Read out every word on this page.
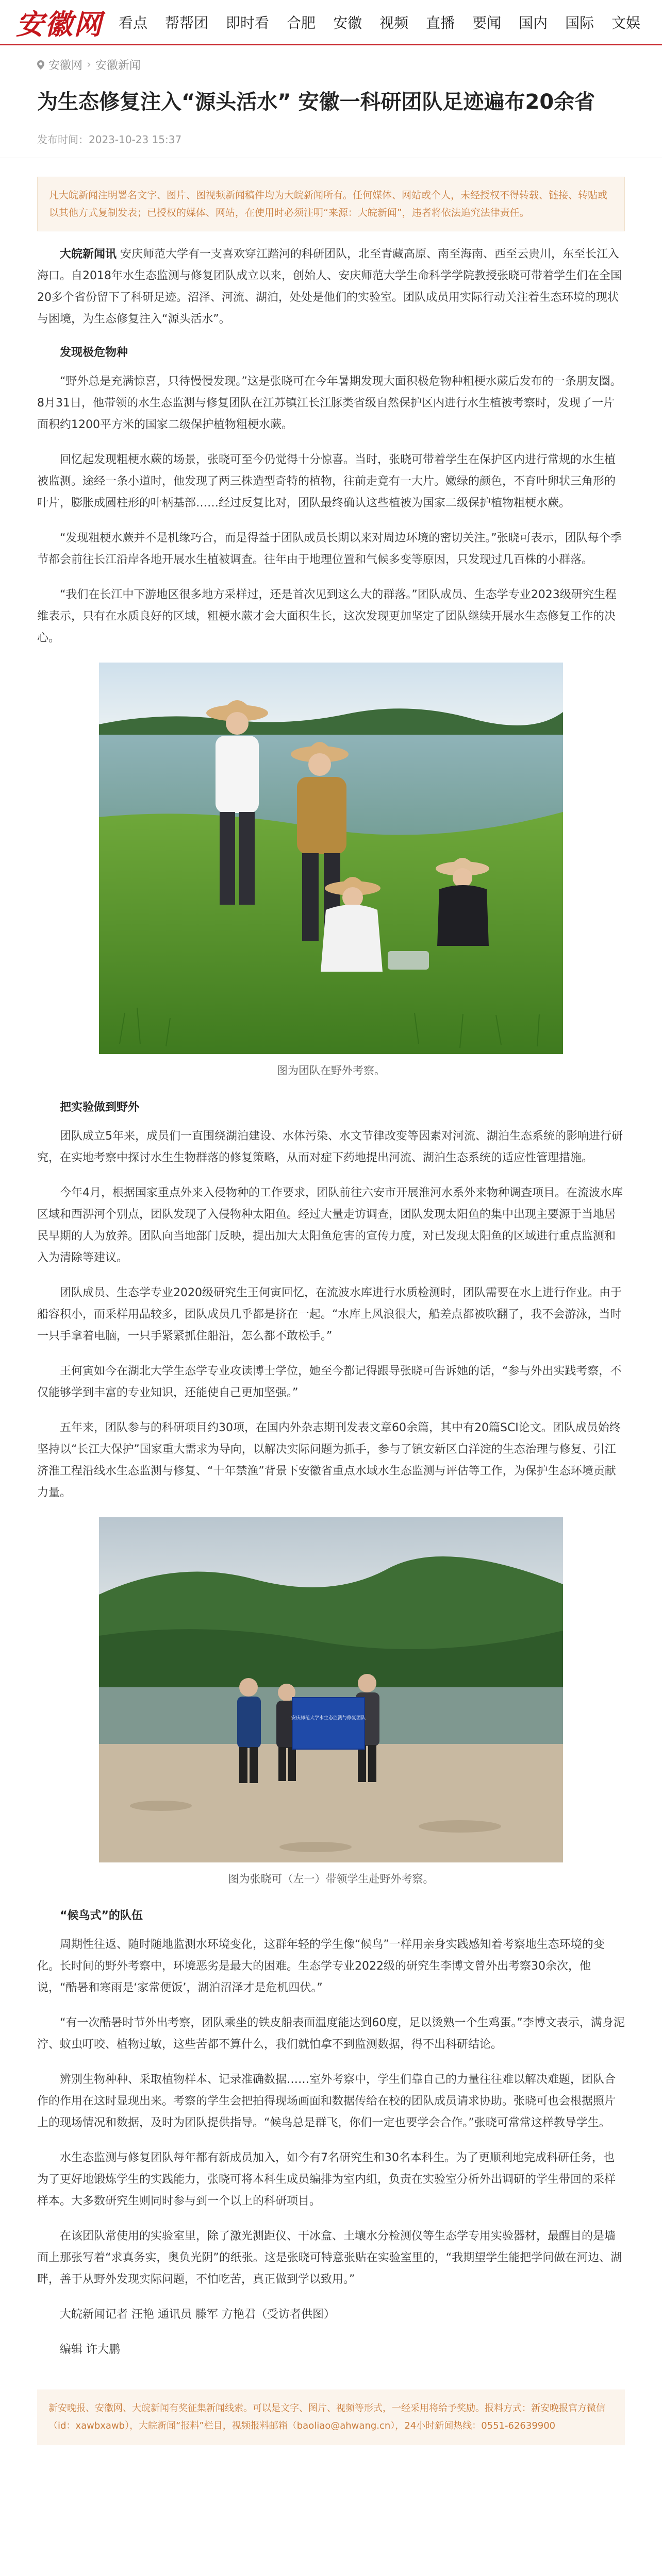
安徽网 看点 帮帮团 即时看 合肥 安徽 视频 直播 要闻 国内 国际 文娱
安徽网 › 安徽新闻
为生态修复注入“源头活水” 安徽一科研团队足迹遍布20余省
发布时间：2023-10-23 15:37
凡大皖新闻注明署名文字、图片、图视频新闻稿件均为大皖新闻所有。任何媒体、网站或个人，未经授权不得转载、链接、转贴或以其他方式复制发表；已授权的媒体、网站，在使用时必须注明“来源：大皖新闻”，违者将依法追究法律责任。

大皖新闻讯 安庆师范大学有一支喜欢穿江踏河的科研团队，北至青藏高原、南至海南、西至云贵川，东至长江入海口。自2018年水生态监测与修复团队成立以来，创始人、安庆师范大学生命科学学院教授张晓可带着学生们在全国20多个省份留下了科研足迹。沼泽、河流、湖泊，处处是他们的实验室。团队成员用实际行动关注着生态环境的现状与困境，为生态修复注入“源头活水”。

发现极危物种

“野外总是充满惊喜，只待慢慢发现。”这是张晓可在今年暑期发现大面积极危物种粗梗水蕨后发布的一条朋友圈。8月31日，他带领的水生态监测与修复团队在江苏镇江长江豚类省级自然保护区内进行水生植被考察时，发现了一片面积约1200平方米的国家二级保护植物粗梗水蕨。

回忆起发现粗梗水蕨的场景，张晓可至今仍觉得十分惊喜。当时，张晓可带着学生在保护区内进行常规的水生植被监测。途经一条小道时，他发现了两三株造型奇特的植物，往前走竟有一大片。嫩绿的颜色，不育叶卵状三角形的叶片，膨胀成圆柱形的叶柄基部……经过反复比对，团队最终确认这些植被为国家二级保护植物粗梗水蕨。

“发现粗梗水蕨并不是机缘巧合，而是得益于团队成员长期以来对周边环境的密切关注。”张晓可表示，团队每个季节都会前往长江沿岸各地开展水生植被调查。往年由于地理位置和气候多变等原因，只发现过几百株的小群落。

“我们在长江中下游地区很多地方采样过，还是首次见到这么大的群落。”团队成员、生态学专业2023级研究生程维表示，只有在水质良好的区域，粗梗水蕨才会大面积生长，这次发现更加坚定了团队继续开展水生态修复工作的决心。

图为团队在野外考察。
把实验做到野外

团队成立5年来，成员们一直围绕湖泊建设、水体污染、水文节律改变等因素对河流、湖泊生态系统的影响进行研究，在实地考察中探讨水生生物群落的修复策略，从而对症下药地提出河流、湖泊生态系统的适应性管理措施。

今年4月，根据国家重点外来入侵物种的工作要求，团队前往六安市开展淮河水系外来物种调查项目。在流波水库区域和西淠河个别点，团队发现了入侵物种太阳鱼。经过大量走访调查，团队发现太阳鱼的集中出现主要源于当地居民早期的人为放养。团队向当地部门反映，提出加大太阳鱼危害的宣传力度，对已发现太阳鱼的区域进行重点监测和入为清除等建议。

团队成员、生态学专业2020级研究生王何寅回忆，在流波水库进行水质检测时，团队需要在水上进行作业。由于船容积小，而采样用品较多，团队成员几乎都是挤在一起。“水库上风浪很大，船差点都被吹翻了，我不会游泳，当时一只手拿着电脑，一只手紧紧抓住船沿，怎么都不敢松手。”

王何寅如今在湖北大学生态学专业攻读博士学位，她至今都记得跟导张晓可告诉她的话，“参与外出实践考察，不仅能够学到丰富的专业知识，还能使自己更加坚强。”

五年来，团队参与的科研项目约30项，在国内外杂志期刊发表文章60余篇，其中有20篇SCI论文。团队成员始终坚持以“长江大保护”国家重大需求为导向，以解决实际问题为抓手，参与了镇安新区白洋淀的生态治理与修复、引江济淮工程沿线水生态监测与修复、“十年禁渔”背景下安徽省重点水域水生态监测与评估等工作，为保护生态环境贡献力量。

安庆师范大学水生态监测与修复团队
图为张晓可（左一）带领学生赴野外考察。
“候鸟式”的队伍

周期性往返、随时随地监测水环境变化，这群年轻的学生像“候鸟”一样用亲身实践感知着考察地生态环境的变化。长时间的野外考察中，环境恶劣是最大的困难。生态学专业2022级的研究生李博文曾外出考察30余次，他说，“酷暑和寒雨是‘家常便饭’，湖泊沼泽才是危机四伏。”

“有一次酷暑时节外出考察，团队乘坐的铁皮船表面温度能达到60度，足以烫熟一个生鸡蛋。”李博文表示，满身泥泞、蚊虫叮咬、植物过敏，这些苦都不算什么，我们就怕拿不到监测数据，得不出科研结论。

辨别生物种种、采取植物样本、记录准确数据……室外考察中，学生们靠自己的力量往往难以解决难题，团队合作的作用在这时显现出来。考察的学生会把拍得现场画面和数据传给在校的团队成员请求协助。张晓可也会根据照片上的现场情况和数据，及时为团队提供指导。“候鸟总是群飞，你们一定也要学会合作。”张晓可常常这样教导学生。

水生态监测与修复团队每年都有新成员加入，如今有7名研究生和30名本科生。为了更顺利地完成科研任务，也为了更好地锻炼学生的实践能力，张晓可将本科生成员编排为室内组，负责在实验室分析外出调研的学生带回的采样样本。大多数研究生则同时参与到一个以上的科研项目。

在该团队常使用的实验室里，除了激光测距仪、干冰盒、土壤水分检测仪等生态学专用实验器材，最醒目的是墙面上那张写着“求真务实，奥负光阴”的纸张。这是张晓可特意张贴在实验室里的，“我期望学生能把学问做在河边、湖畔，善于从野外发现实际问题，不怕吃苦，真正做到学以致用。”

大皖新闻记者 汪艳 通讯员 滕军 方艳君（受访者供图）

编辑 许大鹏

新安晚报、安徽网、大皖新闻有奖征集新闻线索。可以是文字、图片、视频等形式，一经采用将给予奖励。报料方式：新安晚报官方微信（id：xawbxawb），大皖新闻“报料”栏目，视频报料邮箱（baoliao@ahwang.cn），24小时新闻热线：0551-62639900
